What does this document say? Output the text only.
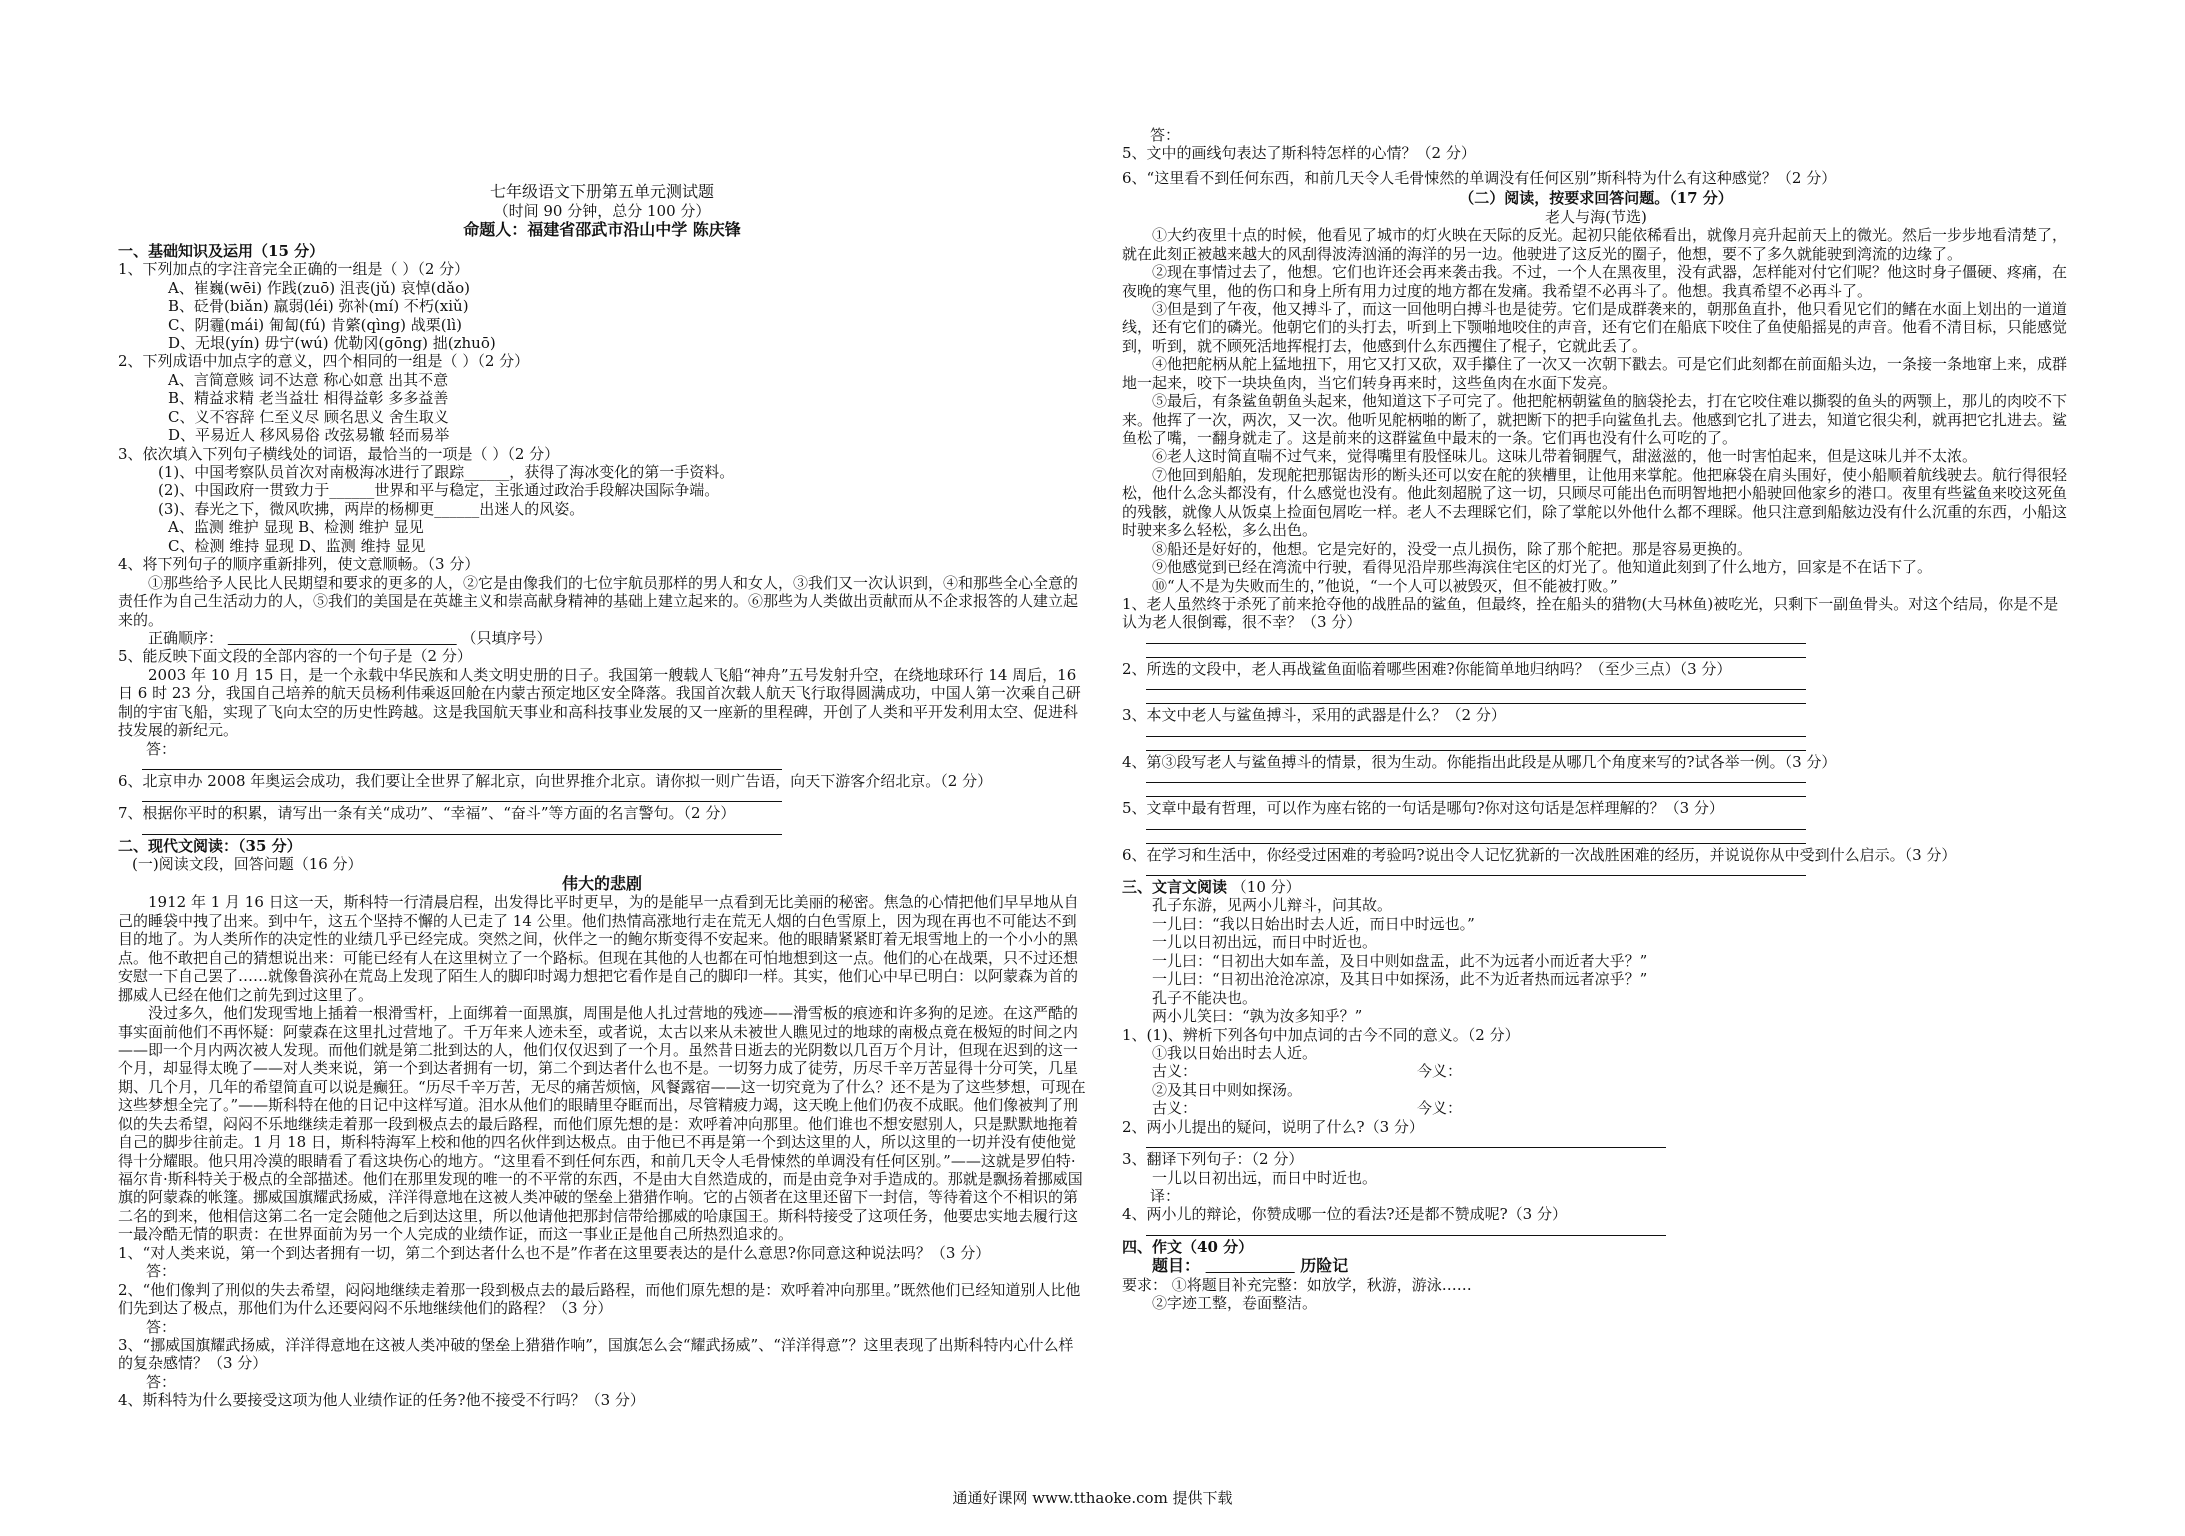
七年级语文下册第五单元测试题
（时间 90 分钟，总分 100 分）
命题人：福建省邵武市沿山中学 陈庆锋
一、基础知识及运用（15 分）
1、下列加点的字注音完全正确的一组是（ ）（2 分）
A、崔巍(wēi) 作践(zuō) 沮丧(jǔ) 哀悼(dǎo)
B、砭骨(biǎn) 羸弱(léi) 弥补(mí) 不朽(xiǔ)
C、阴霾(mái) 匍匐(fú) 肯綮(qìng) 战栗(lì)
D、无垠(yín) 毋宁(wú) 优勒冈(gōng) 拙(zhuō)
2、下列成语中加点字的意义，四个相同的一组是（ ）（2 分）
A、言简意赅 词不达意 称心如意 出其不意
B、精益求精 老当益壮 相得益彰 多多益善
C、义不容辞 仁至义尽 顾名思义 舍生取义
D、平易近人 移风易俗 改弦易辙 轻而易举
3、依次填入下列句子横线处的词语，最恰当的一项是（ ）（2 分）
(1)、中国考察队员首次对南极海冰进行了跟踪______，获得了海冰变化的第一手资料。
(2)、中国政府一贯致力于______世界和平与稳定，主张通过政治手段解决国际争端。
(3)、春光之下，微风吹拂，两岸的杨柳更______出迷人的风姿。
A、监测 维护 显现 B、检测 维护 显见
C、检测 维持 显现 D、监测 维持 显见
4、将下列句子的顺序重新排列，使文意顺畅。（3 分）
①那些给予人民比人民期望和要求的更多的人，②它是由像我们的七位宇航员那样的男人和女人，③我们又一次认识到，④和那些全心全意的责任作为自己生活动力的人，⑤我们的美国是在英雄主义和崇高献身精神的基础上建立起来的。⑥那些为人类做出贡献而从不企求报答的人建立起来的。
正确顺序：	（只填序号）
5、能反映下面文段的全部内容的一个句子是（2 分）
2003 年 10 月 15 日，是一个永载中华民族和人类文明史册的日子。我国第一艘载人飞船“神舟”五号发射升空，在绕地球环行 14 周后，16 日 6 时 23 分，我国自己培养的航天员杨利伟乘返回舱在内蒙古预定地区安全降落。我国首次载人航天飞行取得圆满成功，中国人第一次乘自己研制的宇宙飞船，实现了飞向太空的历史性跨越。这是我国航天事业和高科技事业发展的又一座新的里程碑，开创了人类和平开发利用太空、促进科技发展的新纪元。
答：
6、北京申办 2008 年奥运会成功，我们要让全世界了解北京，向世界推介北京。请你拟一则广告语，向天下游客介绍北京。（2 分）
7、根据你平时的积累，请写出一条有关“成功”、“幸福”、“奋斗”等方面的名言警句。（2 分）
二、现代文阅读：（35 分）
(一)阅读文段，回答问题（16 分）
伟大的悲剧
1912 年 1 月 16 日这一天，斯科特一行清晨启程，出发得比平时更早，为的是能早一点看到无比美丽的秘密。焦急的心情把他们早早地从自己的睡袋中拽了出来。到中午，这五个坚持不懈的人已走了 14 公里。他们热情高涨地行走在荒无人烟的白色雪原上，因为现在再也不可能达不到目的地了。为人类所作的决定性的业绩几乎已经完成。突然之间，伙伴之一的鲍尔斯变得不安起来。他的眼睛紧紧盯着无垠雪地上的一个小小的黑点。他不敢把自己的猜想说出来：可能已经有人在这里树立了一个路标。但现在其他的人也都在可怕地想到这一点。他们的心在战栗，只不过还想安慰一下自己罢了……就像鲁滨孙在荒岛上发现了陌生人的脚印时竭力想把它看作是自己的脚印一样。其实，他们心中早已明白：以阿蒙森为首的挪威人已经在他们之前先到过这里了。
没过多久，他们发现雪地上插着一根滑雪杆，上面绑着一面黑旗，周围是他人扎过营地的残迹——滑雪板的痕迹和许多狗的足迹。在这严酷的事实面前他们不再怀疑：阿蒙森在这里扎过营地了。千万年来人迹未至，或者说，太古以来从未被世人瞧见过的地球的南极点竟在极短的时间之内——即一个月内两次被人发现。而他们就是第二批到达的人，他们仅仅迟到了一个月。虽然昔日逝去的光阴数以几百万个月计，但现在迟到的这一个月，却显得太晚了——对人类来说，第一个到达者拥有一切，第二个到达者什么也不是。一切努力成了徒劳，历尽千辛万苦显得十分可笑，几星期、几个月，几年的希望简直可以说是癫狂。“历尽千辛万苦，无尽的痛苦烦恼，风餐露宿——这一切究竟为了什么？还不是为了这些梦想，可现在这些梦想全完了。”——斯科特在他的日记中这样写道。泪水从他们的眼睛里夺眶而出，尽管精疲力竭，这天晚上他们仍夜不成眠。他们像被判了刑似的失去希望，闷闷不乐地继续走着那一段到极点去的最后路程，而他们原先想的是：欢呼着冲向那里。他们谁也不想安慰别人，只是默默地拖着自己的脚步往前走。1 月 18 日，斯科特海军上校和他的四名伙伴到达极点。由于他已不再是第一个到达这里的人，所以这里的一切并没有使他觉得十分耀眼。他只用冷漠的眼睛看了看这块伤心的地方。“这里看不到任何东西，和前几天令人毛骨悚然的单调没有任何区别。”——这就是罗伯特·福尔肯·斯科特关于极点的全部描述。他们在那里发现的唯一的不平常的东西，不是由大自然造成的，而是由竞争对手造成的。那就是飘扬着挪威国旗的阿蒙森的帐篷。挪威国旗耀武扬威，洋洋得意地在这被人类冲破的堡垒上猎猎作响。它的占领者在这里还留下一封信，等待着这个不相识的第二名的到来，他相信这第二名一定会随他之后到达这里，所以他请他把那封信带给挪威的哈康国王。斯科特接受了这项任务，他要忠实地去履行这一最冷酷无情的职责：在世界面前为另一个人完成的业绩作证，而这一事业正是他自己所热烈追求的。
1、“对人类来说，第一个到达者拥有一切，第二个到达者什么也不是”作者在这里要表达的是什么意思?你同意这种说法吗？（3 分）
答：
2、“他们像判了刑似的失去希望，闷闷地继续走着那一段到极点去的最后路程，而他们原先想的是：欢呼着冲向那里。”既然他们已经知道别人比他们先到达了极点，那他们为什么还要闷闷不乐地继续他们的路程？（3 分）
答：
3、“挪威国旗耀武扬威，洋洋得意地在这被人类冲破的堡垒上猎猎作响”，国旗怎么会“耀武扬威”、“洋洋得意”？这里表现了出斯科特内心什么样的复杂感情？（3 分）
答：
4、斯科特为什么要接受这项为他人业绩作证的任务?他不接受不行吗？（3 分）
答：
5、文中的画线句表达了斯科特怎样的心情？（2 分）
6、“这里看不到任何东西，和前几天令人毛骨悚然的单调没有任何区别”斯科特为什么有这种感觉？（2 分）
（二）阅读，按要求回答问题。（17 分）
老人与海(节选)
①大约夜里十点的时候，他看见了城市的灯火映在天际的反光。起初只能依稀看出，就像月亮升起前天上的微光。然后一步步地看清楚了，就在此刻正被越来越大的风刮得波涛汹涌的海洋的另一边。他驶进了这反光的圈子，他想，要不了多久就能驶到湾流的边缘了。
②现在事情过去了，他想。它们也许还会再来袭击我。不过，一个人在黑夜里，没有武器，怎样能对付它们呢？他这时身子僵硬、疼痛，在夜晚的寒气里，他的伤口和身上所有用力过度的地方都在发痛。我希望不必再斗了。他想。我真希望不必再斗了。
③但是到了午夜，他又搏斗了，而这一回他明白搏斗也是徒劳。它们是成群袭来的，朝那鱼直扑，他只看见它们的鳍在水面上划出的一道道线，还有它们的磷光。他朝它们的头打去，听到上下颚啪地咬住的声音，还有它们在船底下咬住了鱼使船摇晃的声音。他看不清目标，只能感觉到，听到，就不顾死活地挥棍打去，他感到什么东西攫住了棍子，它就此丢了。
④他把舵柄从舵上猛地扭下，用它又打又砍，双手攥住了一次又一次朝下戳去。可是它们此刻都在前面船头边，一条接一条地窜上来，成群地一起来，咬下一块块鱼肉，当它们转身再来时，这些鱼肉在水面下发亮。
⑤最后，有条鲨鱼朝鱼头起来，他知道这下子可完了。他把舵柄朝鲨鱼的脑袋抡去，打在它咬住难以撕裂的鱼头的两颚上，那儿的肉咬不下来。他挥了一次，两次，又一次。他听见舵柄啪的断了，就把断下的把手向鲨鱼扎去。他感到它扎了进去，知道它很尖利，就再把它扎进去。鲨鱼松了嘴，一翻身就走了。这是前来的这群鲨鱼中最末的一条。它们再也没有什么可吃的了。
⑥老人这时简直喘不过气来，觉得嘴里有股怪味儿。这味儿带着铜腥气，甜滋滋的，他一时害怕起来，但是这味儿并不太浓。
⑦他回到船舶，发现舵把那锯齿形的断头还可以安在舵的狭槽里，让他用来掌舵。他把麻袋在肩头围好，使小船顺着航线驶去。航行得很轻松，他什么念头都没有，什么感觉也没有。他此刻超脱了这一切，只顾尽可能出色而明智地把小船驶回他家乡的港口。夜里有些鲨鱼来咬这死鱼的残骸，就像人从饭桌上捡面包屑吃一样。老人不去理睬它们，除了掌舵以外他什么都不理睬。他只注意到船舷边没有什么沉重的东西，小船这时驶来多么轻松，多么出色。
⑧船还是好好的，他想。它是完好的，没受一点儿损伤，除了那个舵把。那是容易更换的。
⑨他感觉到已经在湾流中行驶，看得见沿岸那些海滨住宅区的灯光了。他知道此刻到了什么地方，回家是不在话下了。
⑩“人不是为失败而生的，”他说，“一个人可以被毁灭，但不能被打败。”
1、老人虽然终于杀死了前来抢夺他的战胜品的鲨鱼，但最终，拴在船头的猎物(大马林鱼)被吃光，只剩下一副鱼骨头。对这个结局，你是不是认为老人很倒霉，很不幸？（3 分）
2、所选的文段中，老人再战鲨鱼面临着哪些困难?你能简单地归纳吗？（至少三点）（3 分）
3、本文中老人与鲨鱼搏斗，采用的武器是什么？（2 分）
4、第③段写老人与鲨鱼搏斗的情景，很为生动。你能指出此段是从哪几个角度来写的?试各举一例。（3 分）
5、文章中最有哲理，可以作为座右铭的一句话是哪句?你对这句话是怎样理解的？（3 分）
6、在学习和生活中，你经受过困难的考验吗?说出令人记忆犹新的一次战胜困难的经历，并说说你从中受到什么启示。（3 分）
三、文言文阅读 （10 分）
孔子东游，见两小儿辩斗，问其故。
一儿曰：“我以日始出时去人近，而日中时远也。”
一儿以日初出远，而日中时近也。
一儿曰：“日初出大如车盖，及日中则如盘盂，此不为远者小而近者大乎？”
一儿曰：“日初出沧沧凉凉，及其日中如探汤，此不为近者热而远者凉乎？”
孔子不能决也。
两小儿笑曰：“孰为汝多知乎？”
1、(1)、辨析下列各句中加点词的古今不同的意义。（2 分）
①我以日始出时去人近。
古义：	今义：
②及其日中则如探汤。
古义：	今义：
2、两小儿提出的疑问，说明了什么?（3 分）
3、翻译下列句子：（2 分）
一儿以日初出远，而日中时近也。
译：
4、两小儿的辩论，你赞成哪一位的看法?还是都不赞成呢?（3 分）
四、作文（40 分）
题目：	历险记
要求： ①将题目补充完整：如放学，秋游，游泳……
②字迹工整，卷面整洁。
通通好课网 www.tthaoke.com 提供下载
